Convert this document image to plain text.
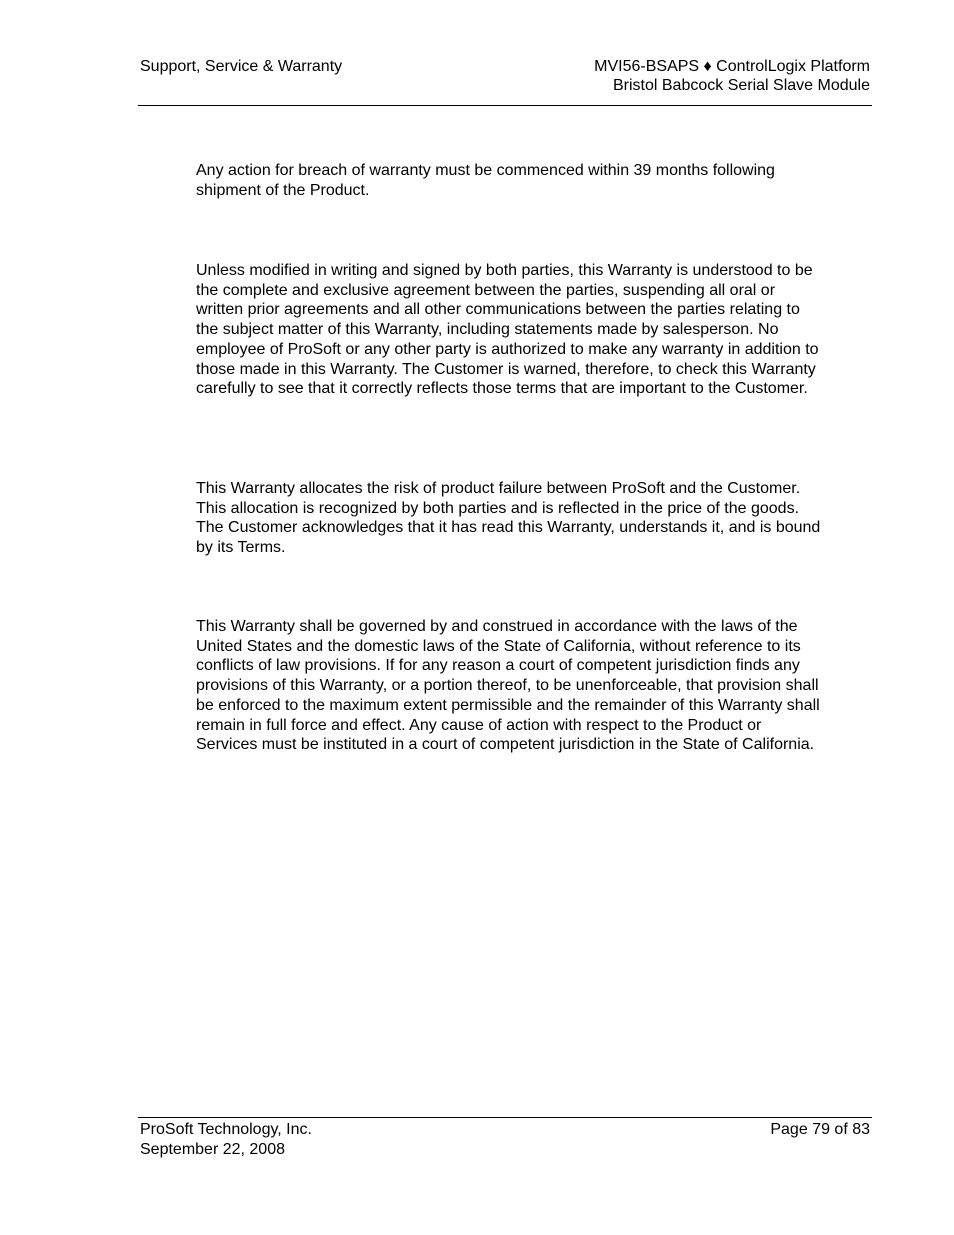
Support, Service & Warranty	MVI56-BSAPS ♦ ControlLogix Platform
Bristol Babcock Serial Slave Module

Any action for breach of warranty must be commenced within 39 months following shipment of the Product.

Unless modified in writing and signed by both parties, this Warranty is understood to be the complete and exclusive agreement between the parties, suspending all oral or written prior agreements and all other communications between the parties relating to the subject matter of this Warranty, including statements made by salesperson. No employee of ProSoft or any other party is authorized to make any warranty in addition to those made in this Warranty. The Customer is warned, therefore, to check this Warranty carefully to see that it correctly reflects those terms that are important to the Customer.

This Warranty allocates the risk of product failure between ProSoft and the Customer. This allocation is recognized by both parties and is reflected in the price of the goods. The Customer acknowledges that it has read this Warranty, understands it, and is bound by its Terms.

This Warranty shall be governed by and construed in accordance with the laws of the United States and the domestic laws of the State of California, without reference to its conflicts of law provisions. If for any reason a court of competent jurisdiction finds any provisions of this Warranty, or a portion thereof, to be unenforceable, that provision shall be enforced to the maximum extent permissible and the remainder of this Warranty shall remain in full force and effect. Any cause of action with respect to the Product or Services must be instituted in a court of competent jurisdiction in the State of California.

ProSoft Technology, Inc.
September 22, 2008
Page 79 of 83
